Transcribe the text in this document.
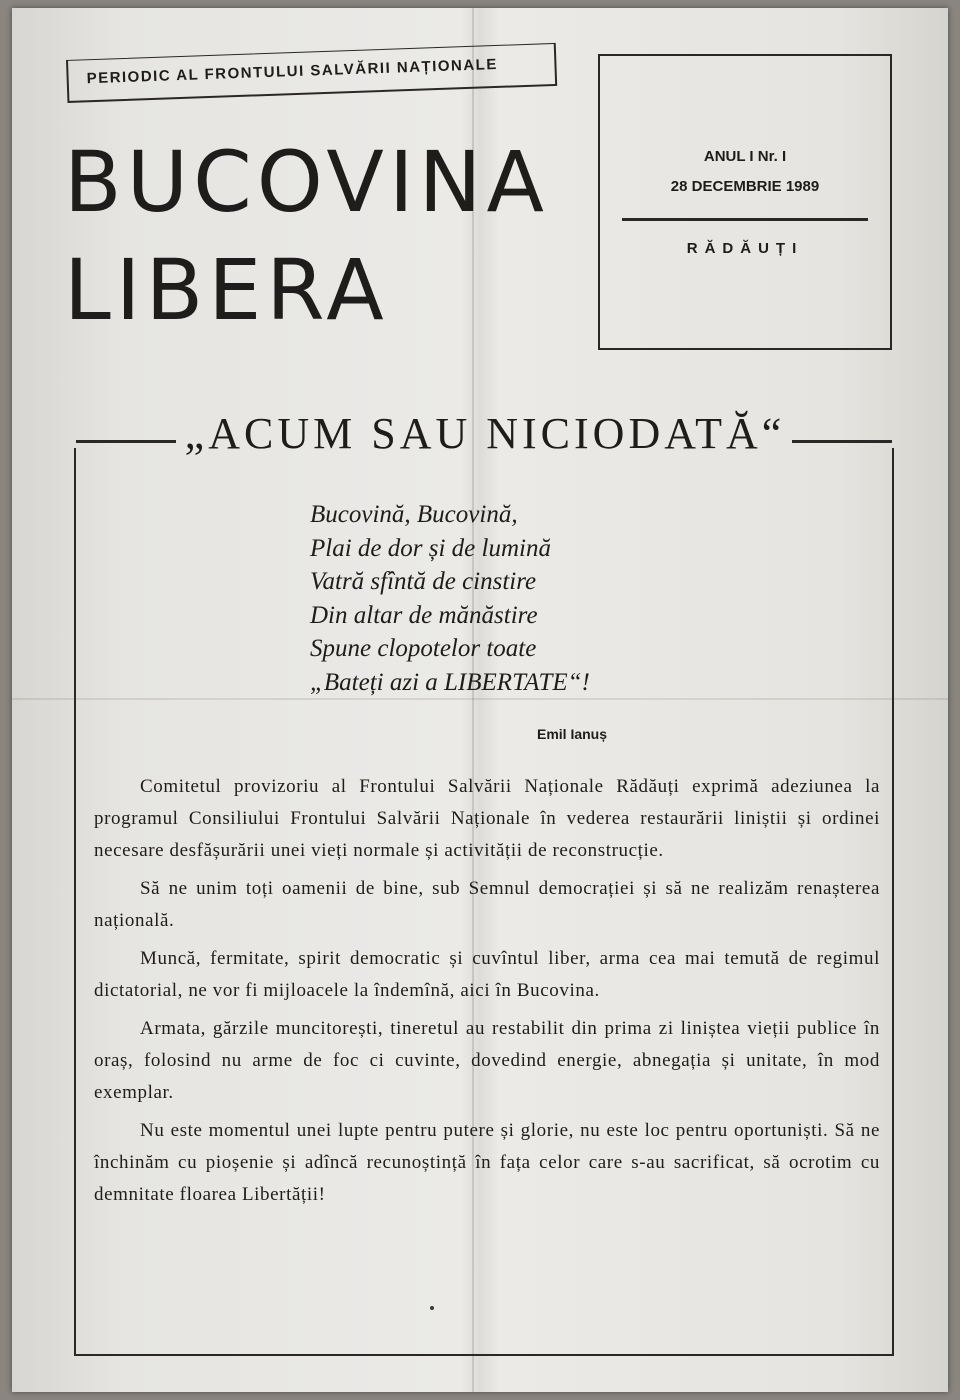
PERIODIC AL FRONTULUI SALVĂRII NAȚIONALE
BUCOVINA
LIBERA
ANUL I Nr. I
28 DECEMBRIE 1989
RĂDĂUȚI
„ACUM SAU NICIODATĂ“
Bucovină, Bucovină,
Plai de dor și de lumină
Vatră sfîntă de cinstire
Din altar de mănăstire
Spune clopotelor toate
„Bateți azi a LIBERTATE“!
Emil Ianuș

Comitetul provizoriu al Frontului Salvării Naționale Rădăuți exprimă adeziunea la programul Consiliului Frontului Salvării Naționale în vederea restaurării liniștii și ordinei necesare desfășurării unei vieți normale și activității de reconstrucție.

Să ne unim toți oamenii de bine, sub Semnul democrației și să ne realizăm renașterea națională.

Muncă, fermitate, spirit democratic și cuvîntul liber, arma cea mai temută de regimul dictatorial, ne vor fi mijloacele la îndemînă, aici în Bucovina.

Armata, gărzile muncitorești, tineretul au restabilit din prima zi liniștea vieții publice în oraș, folosind nu arme de foc ci cuvinte, dovedind energie, abnegația și unitate, în mod exemplar.

Nu este momentul unei lupte pentru putere și glorie, nu este loc pentru oportuniști. Să ne închinăm cu pioșenie și adîncă recunoștință în fața celor care s-au sacrificat, să ocrotim cu demnitate floarea Libertății!
